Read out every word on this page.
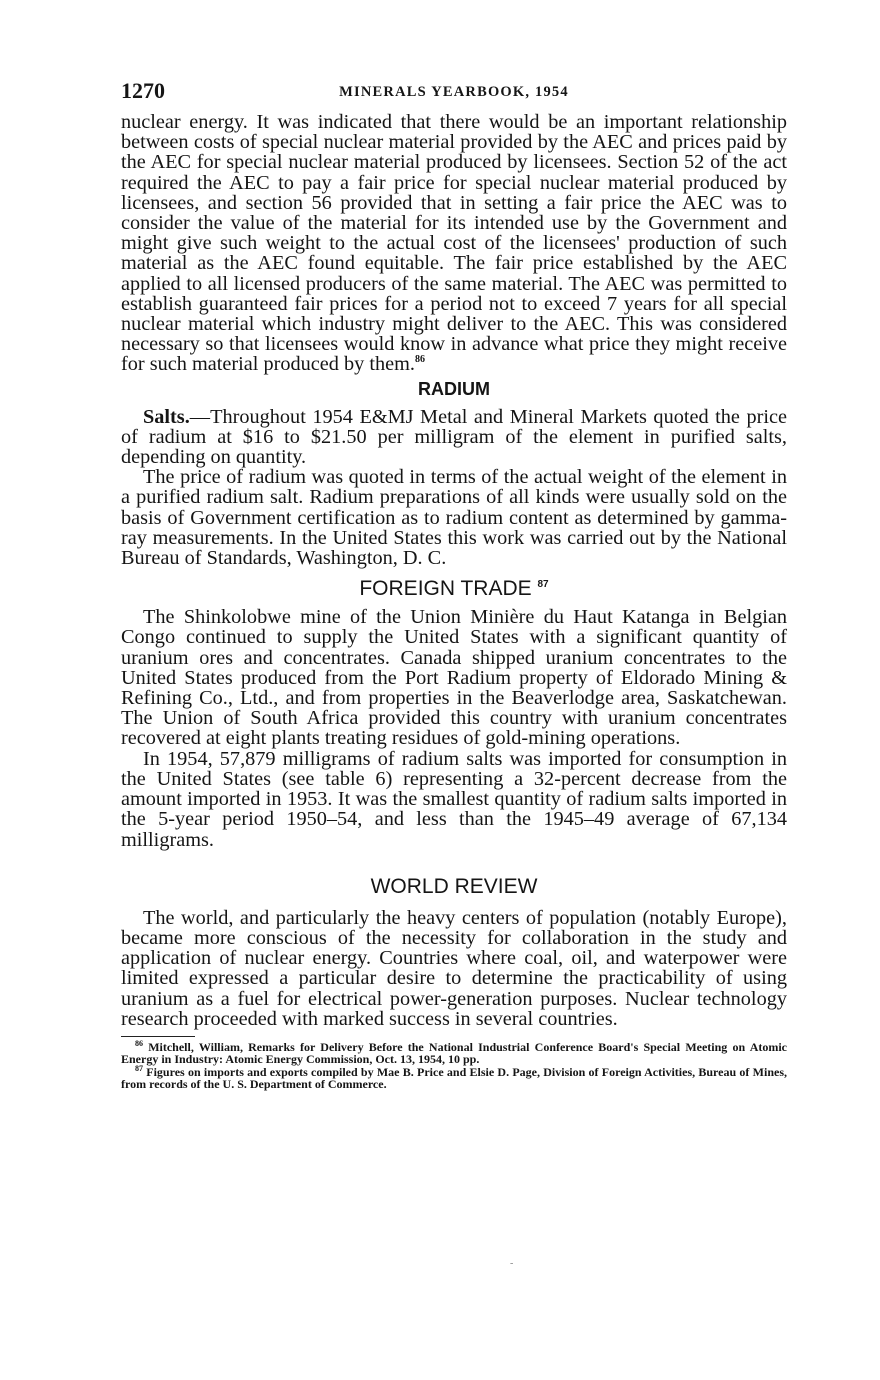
1270	MINERALS YEARBOOK, 1954

nuclear energy. It was indicated that there would be an important relationship between costs of special nuclear material provided by the AEC and prices paid by the AEC for special nuclear material produced by licensees. Section 52 of the act required the AEC to pay a fair price for special nuclear material produced by licensees, and section 56 provided that in setting a fair price the AEC was to consider the value of the material for its intended use by the Government and might give such weight to the actual cost of the licensees' production of such material as the AEC found equitable. The fair price established by the AEC applied to all licensed producers of the same material. The AEC was permitted to establish guaranteed fair prices for a period not to exceed 7 years for all special nuclear material which industry might deliver to the AEC. This was considered necessary so that licensees would know in advance what price they might receive for such material produced by them.$^{86}$

RADIUM

Salts.—Throughout 1954 E&MJ Metal and Mineral Markets quoted the price of radium at $16 to $21.50 per milligram of the element in purified salts, depending on quantity.

The price of radium was quoted in terms of the actual weight of the element in a purified radium salt. Radium preparations of all kinds were usually sold on the basis of Government certification as to radium content as determined by gamma-ray measurements. In the United States this work was carried out by the National Bureau of Standards, Washington, D. C.

FOREIGN TRADE $^{87}$

The Shinkolobwe mine of the Union Minière du Haut Katanga in Belgian Congo continued to supply the United States with a significant quantity of uranium ores and concentrates. Canada shipped uranium concentrates to the United States produced from the Port Radium property of Eldorado Mining & Refining Co., Ltd., and from properties in the Beaverlodge area, Saskatchewan. The Union of South Africa provided this country with uranium concentrates recovered at eight plants treating residues of gold-mining operations.

In 1954, 57,879 milligrams of radium salts was imported for consumption in the United States (see table 6) representing a 32-percent decrease from the amount imported in 1953. It was the smallest quantity of radium salts imported in the 5-year period 1950–54, and less than the 1945–49 average of 67,134 milligrams.

WORLD REVIEW

The world, and particularly the heavy centers of population (notably Europe), became more conscious of the necessity for collaboration in the study and application of nuclear energy. Countries where coal, oil, and waterpower were limited expressed a particular desire to determine the practicability of using uranium as a fuel for electrical power-generation purposes. Nuclear technology research proceeded with marked success in several countries.

$^{86}$ Mitchell, William, Remarks for Delivery Before the National Industrial Conference Board's Special Meeting on Atomic Energy in Industry: Atomic Energy Commission, Oct. 13, 1954, 10 pp.
$^{87}$ Figures on imports and exports compiled by Mae B. Price and Elsie D. Page, Division of Foreign Activities, Bureau of Mines, from records of the U. S. Department of Commerce.
‐
